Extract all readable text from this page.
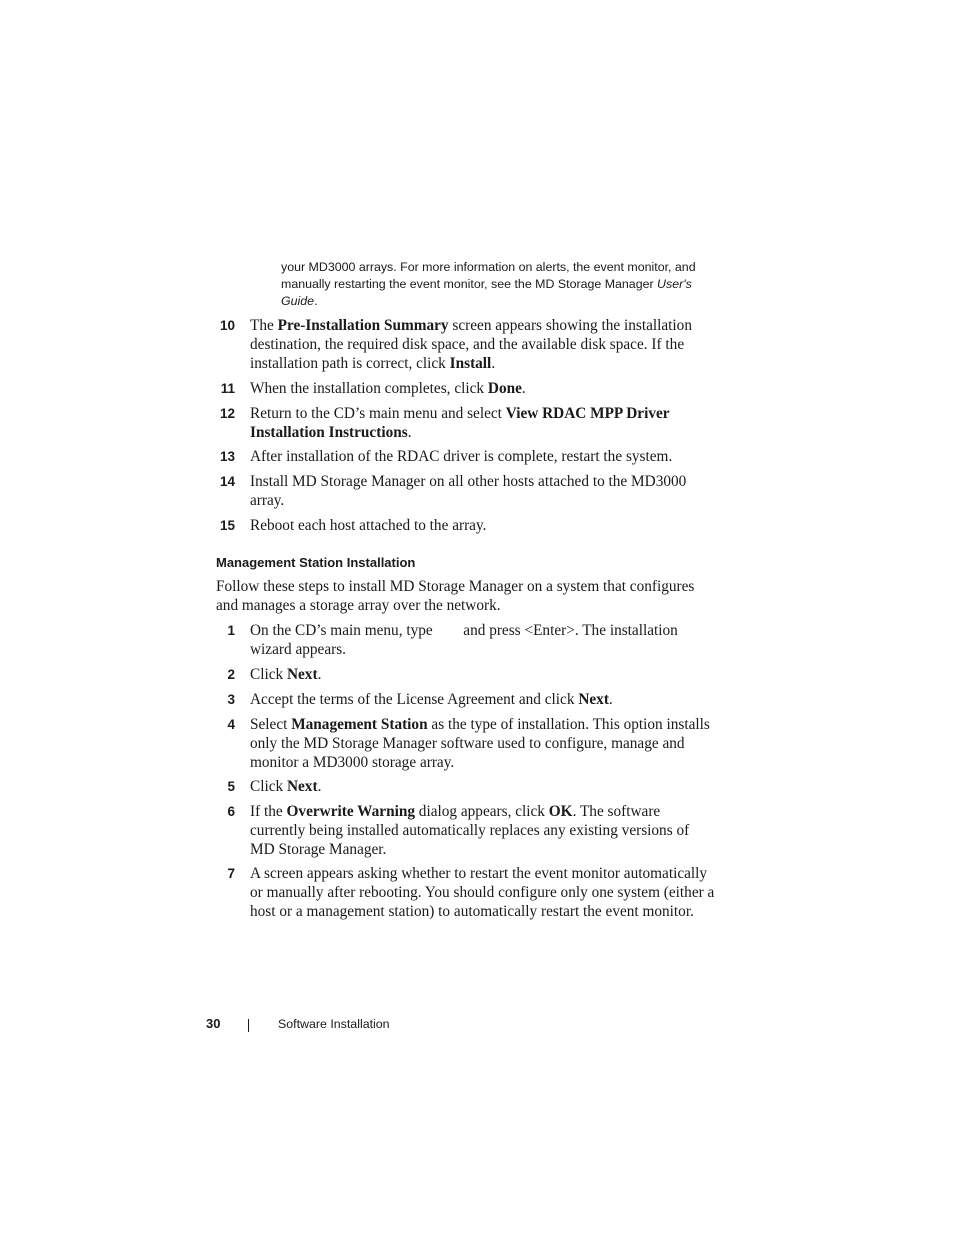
your MD3000 arrays. For more information on alerts, the event monitor, and manually restarting the event monitor, see the MD Storage Manager User's Guide.
10 The Pre-Installation Summary screen appears showing the installation destination, the required disk space, and the available disk space. If the installation path is correct, click Install.
11 When the installation completes, click Done.
12 Return to the CD’s main menu and select View RDAC MPP Driver Installation Instructions.
13 After installation of the RDAC driver is complete, restart the system.
14 Install MD Storage Manager on all other hosts attached to the MD3000 array.
15 Reboot each host attached to the array.
Management Station Installation
Follow these steps to install MD Storage Manager on a system that configures and manages a storage array over the network.
1 On the CD’s main menu, type        and press <Enter>. The installation wizard appears.
2 Click Next.
3 Accept the terms of the License Agreement and click Next.
4 Select Management Station as the type of installation. This option installs only the MD Storage Manager software used to configure, manage and monitor a MD3000 storage array.
5 Click Next.
6 If the Overwrite Warning dialog appears, click OK. The software currently being installed automatically replaces any existing versions of MD Storage Manager.
7 A screen appears asking whether to restart the event monitor automatically or manually after rebooting. You should configure only one system (either a host or a management station) to automatically restart the event monitor.
30	Software Installation
